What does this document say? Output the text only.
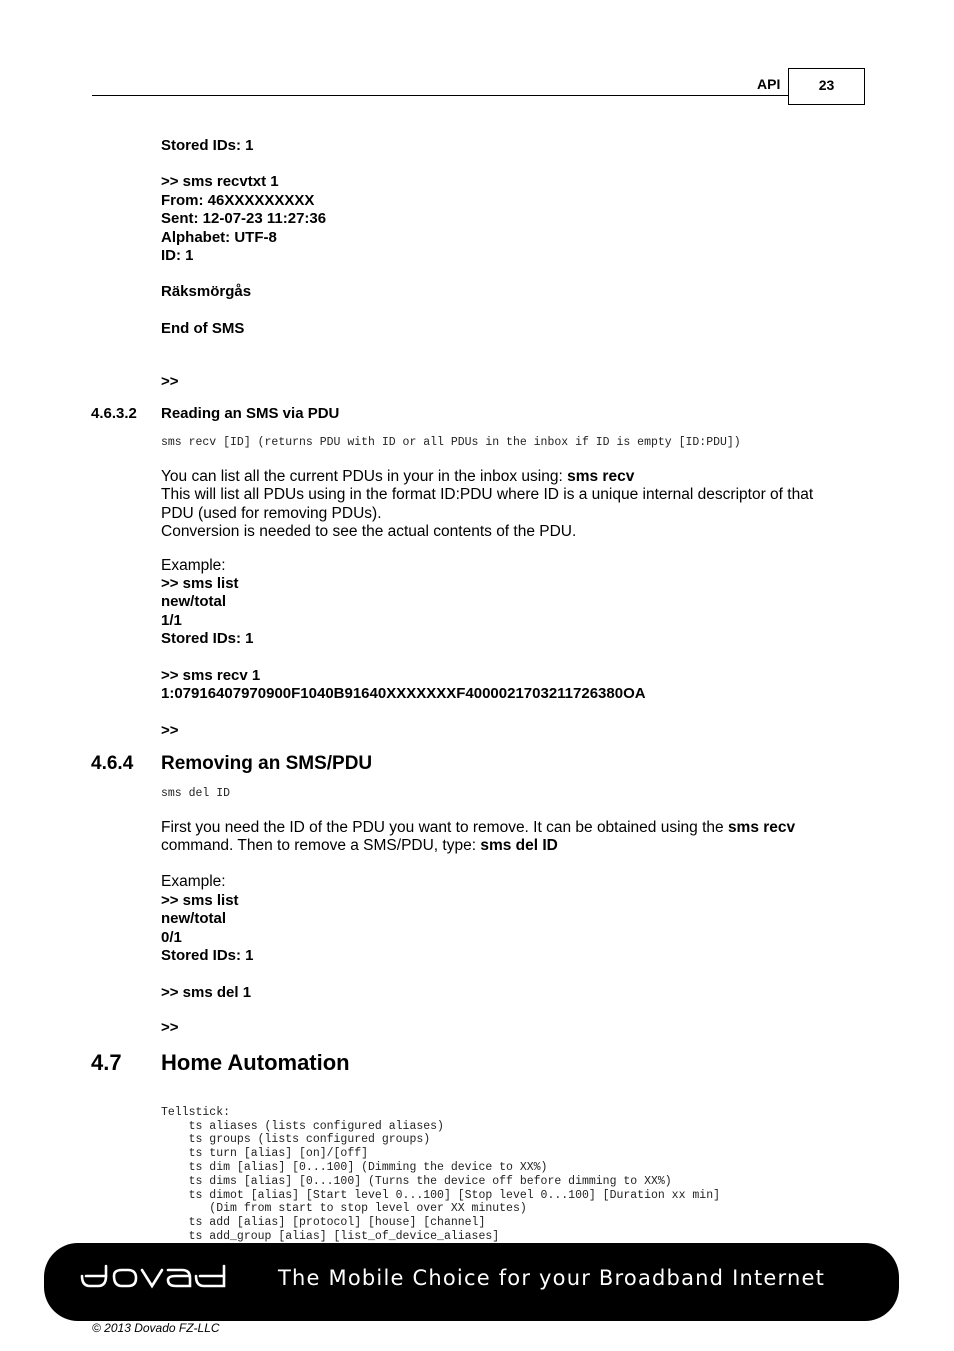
API	23
Stored IDs: 1
>> sms recvtxt 1
From: 46XXXXXXXXX
Sent: 12-07-23 11:27:36
Alphabet: UTF-8
ID: 1
Räksmörgås
End of SMS
>>
4.6.3.2 Reading an SMS via PDU
sms recv [ID] (returns PDU with ID or all PDUs in the inbox if ID is empty [ID:PDU])
You can list all the current PDUs in your in the inbox using: sms recv
This will list all PDUs using in the format ID:PDU where ID is a unique internal descriptor of that
PDU (used for removing PDUs).
Conversion is needed to see the actual contents of the PDU.
Example:
>> sms list
new/total
1/1
Stored IDs: 1
>> sms recv 1
1:07916407970900F1040B91640XXXXXXXF4000021703211726380OA
>>
4.6.4 Removing an SMS/PDU
sms del ID
First you need the ID of the PDU you want to remove. It can be obtained using the sms recv
command. Then to remove a SMS/PDU, type: sms del ID
Example:
>> sms list
new/total
0/1
Stored IDs: 1
>> sms del 1
>>
4.7 Home Automation

Tellstick:
ts aliases (lists configured aliases)
ts groups (lists configured groups)
ts turn [alias] [on]/[off]
ts dim [alias] [0...100] (Dimming the device to XX%)
ts dims [alias] [0...100] (Turns the device off before dimming to XX%)
ts dimot [alias] [Start level 0...100] [Stop level 0...100] [Duration xx min]
(Dim from start to stop level over XX minutes)
ts add [alias] [protocol] [house] [channel]
ts add_group [alias] [list_of_device_aliases]

The Mobile Choice for your Broadband Internet
© 2013 Dovado FZ-LLC
